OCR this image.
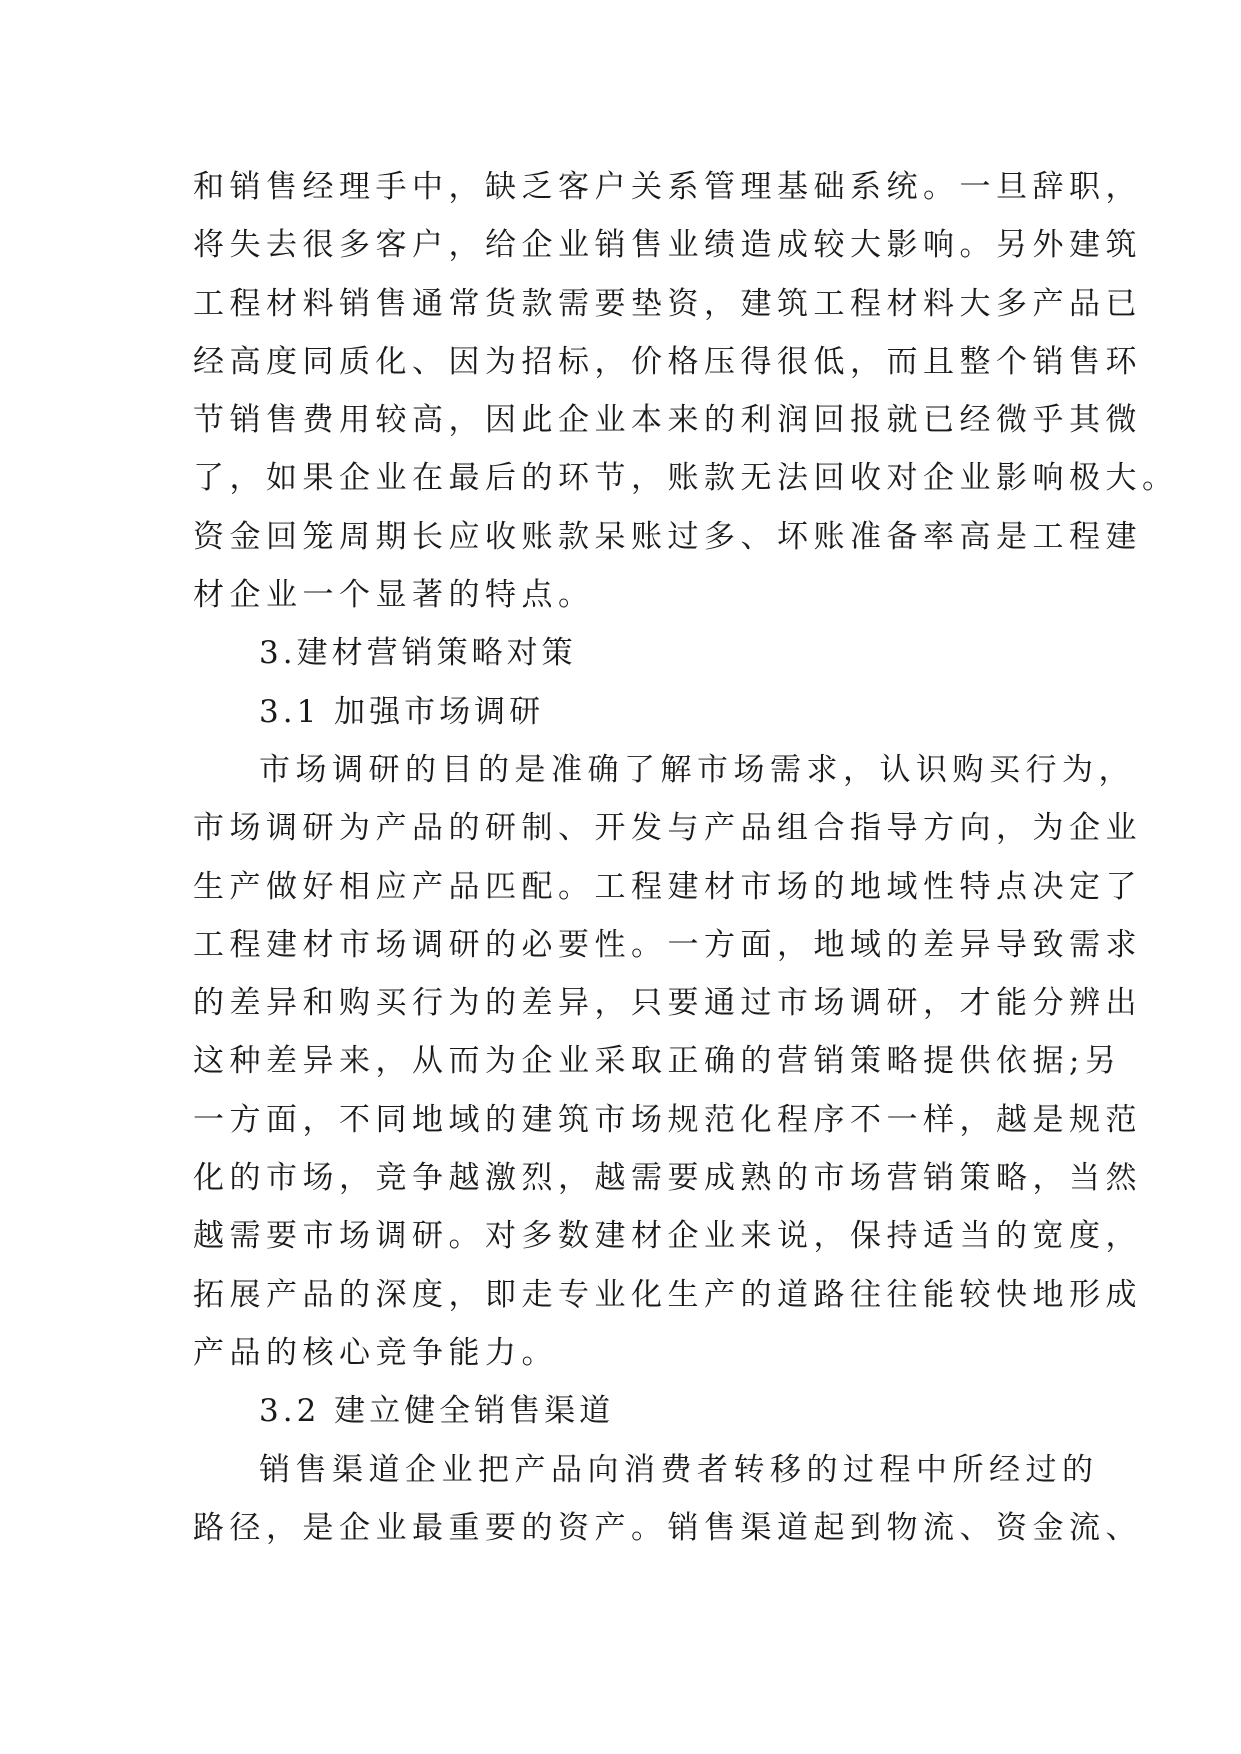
和销售经理手中，缺乏客户关系管理基础系统。一旦辞职，
将失去很多客户，给企业销售业绩造成较大影响。另外建筑
工程材料销售通常货款需要垫资，建筑工程材料大多产品已
经高度同质化、因为招标，价格压得很低，而且整个销售环
节销售费用较高，因此企业本来的利润回报就已经微乎其微
了，如果企业在最后的环节，账款无法回收对企业影响极大。
资金回笼周期长应收账款呆账过多、坏账准备率高是工程建
材企业一个显著的特点。
3.建材营销策略对策
3.1 加强市场调研
市场调研的目的是准确了解市场需求，认识购买行为，
市场调研为产品的研制、开发与产品组合指导方向，为企业
生产做好相应产品匹配。工程建材市场的地域性特点决定了
工程建材市场调研的必要性。一方面，地域的差异导致需求
的差异和购买行为的差异，只要通过市场调研，才能分辨出
这种差异来，从而为企业采取正确的营销策略提供依据;另
一方面，不同地域的建筑市场规范化程序不一样，越是规范
化的市场，竞争越激烈，越需要成熟的市场营销策略，当然
越需要市场调研。对多数建材企业来说，保持适当的宽度，
拓展产品的深度，即走专业化生产的道路往往能较快地形成
产品的核心竞争能力。
3.2 建立健全销售渠道
销售渠道企业把产品向消费者转移的过程中所经过的
路径，是企业最重要的资产。销售渠道起到物流、资金流、
